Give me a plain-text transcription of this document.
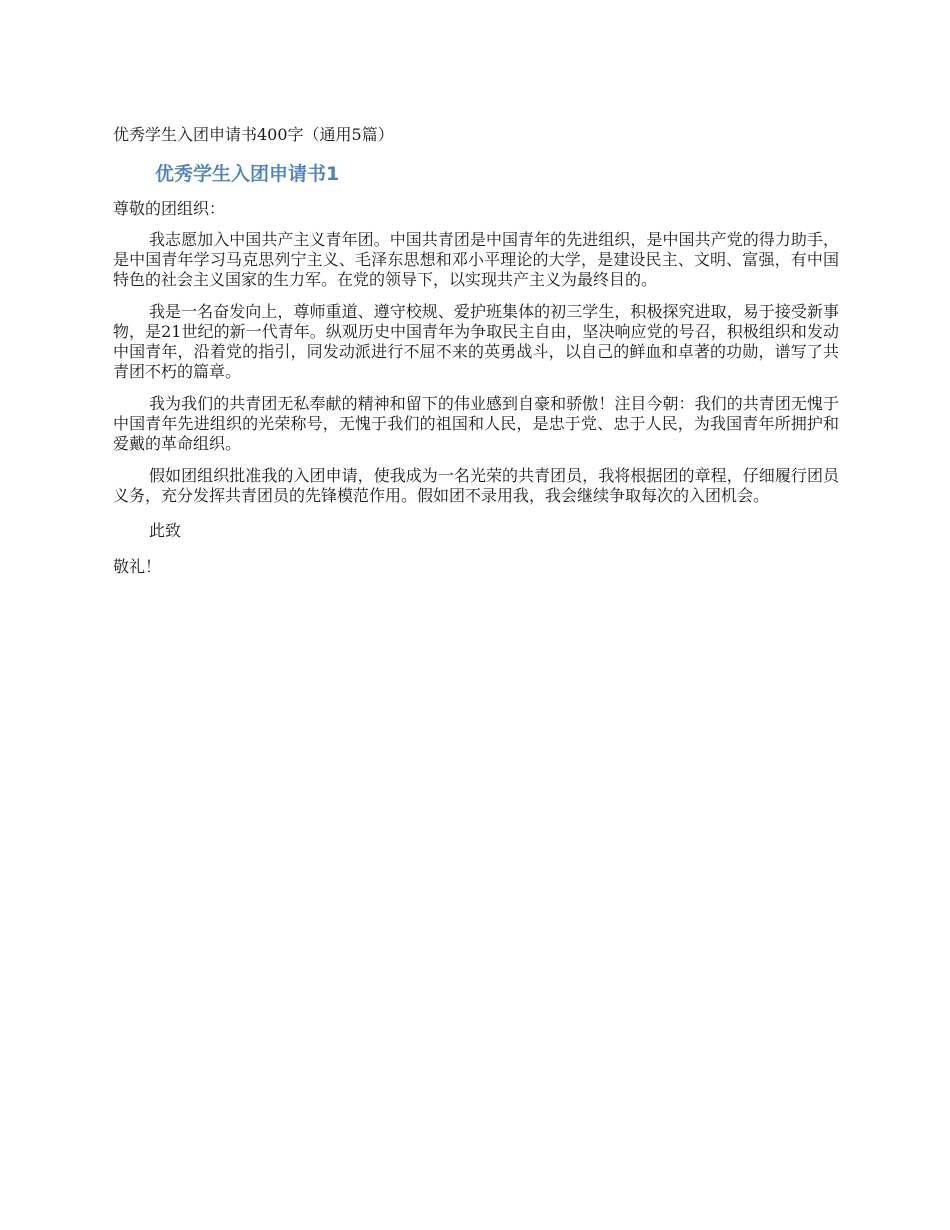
优秀学生入团申请书400字（通用5篇）
优秀学生入团申请书1
尊敬的团组织：

我志愿加入中国共产主义青年团。中国共青团是中国青年的先进组织，是中国共产党的得力助手，是中国青年学习马克思列宁主义、毛泽东思想和邓小平理论的大学，是建设民主、文明、富强，有中国特色的社会主义国家的生力军。在党的领导下，以实现共产主义为最终目的。

我是一名奋发向上，尊师重道、遵守校规、爱护班集体的初三学生，积极探究进取，易于接受新事物，是21世纪的新一代青年。纵观历史中国青年为争取民主自由，坚决响应党的号召，积极组织和发动中国青年，沿着党的指引，同发动派进行不屈不来的英勇战斗，以自己的鲜血和卓著的功勋，谱写了共青团不朽的篇章。

我为我们的共青团无私奉献的精神和留下的伟业感到自豪和骄傲！注目今朝：我们的共青团无愧于中国青年先进组织的光荣称号，无愧于我们的祖国和人民，是忠于党、忠于人民，为我国青年所拥护和爱戴的革命组织。

假如团组织批准我的入团申请，使我成为一名光荣的共青团员，我将根据团的章程，仔细履行团员义务，充分发挥共青团员的先锋模范作用。假如团不录用我，我会继续争取每次的入团机会。

此致
敬礼！
